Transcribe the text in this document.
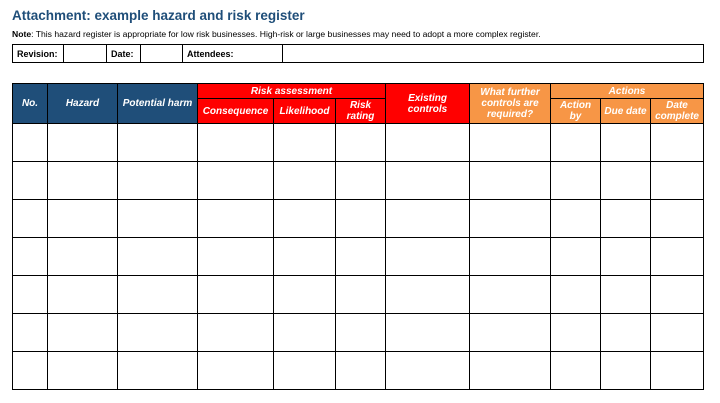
Attachment: example hazard and risk register
Note: This hazard register is appropriate for low risk businesses. High-risk or large businesses may need to adopt a more complex register.
Revision:		Date:		Attendees:	
No.	Hazard	Potential harm	Risk assessment			Existing controls	What further controls are required?	Actions		
			Consequence	Likelihood	Risk rating			Action by	Due date	Date complete
